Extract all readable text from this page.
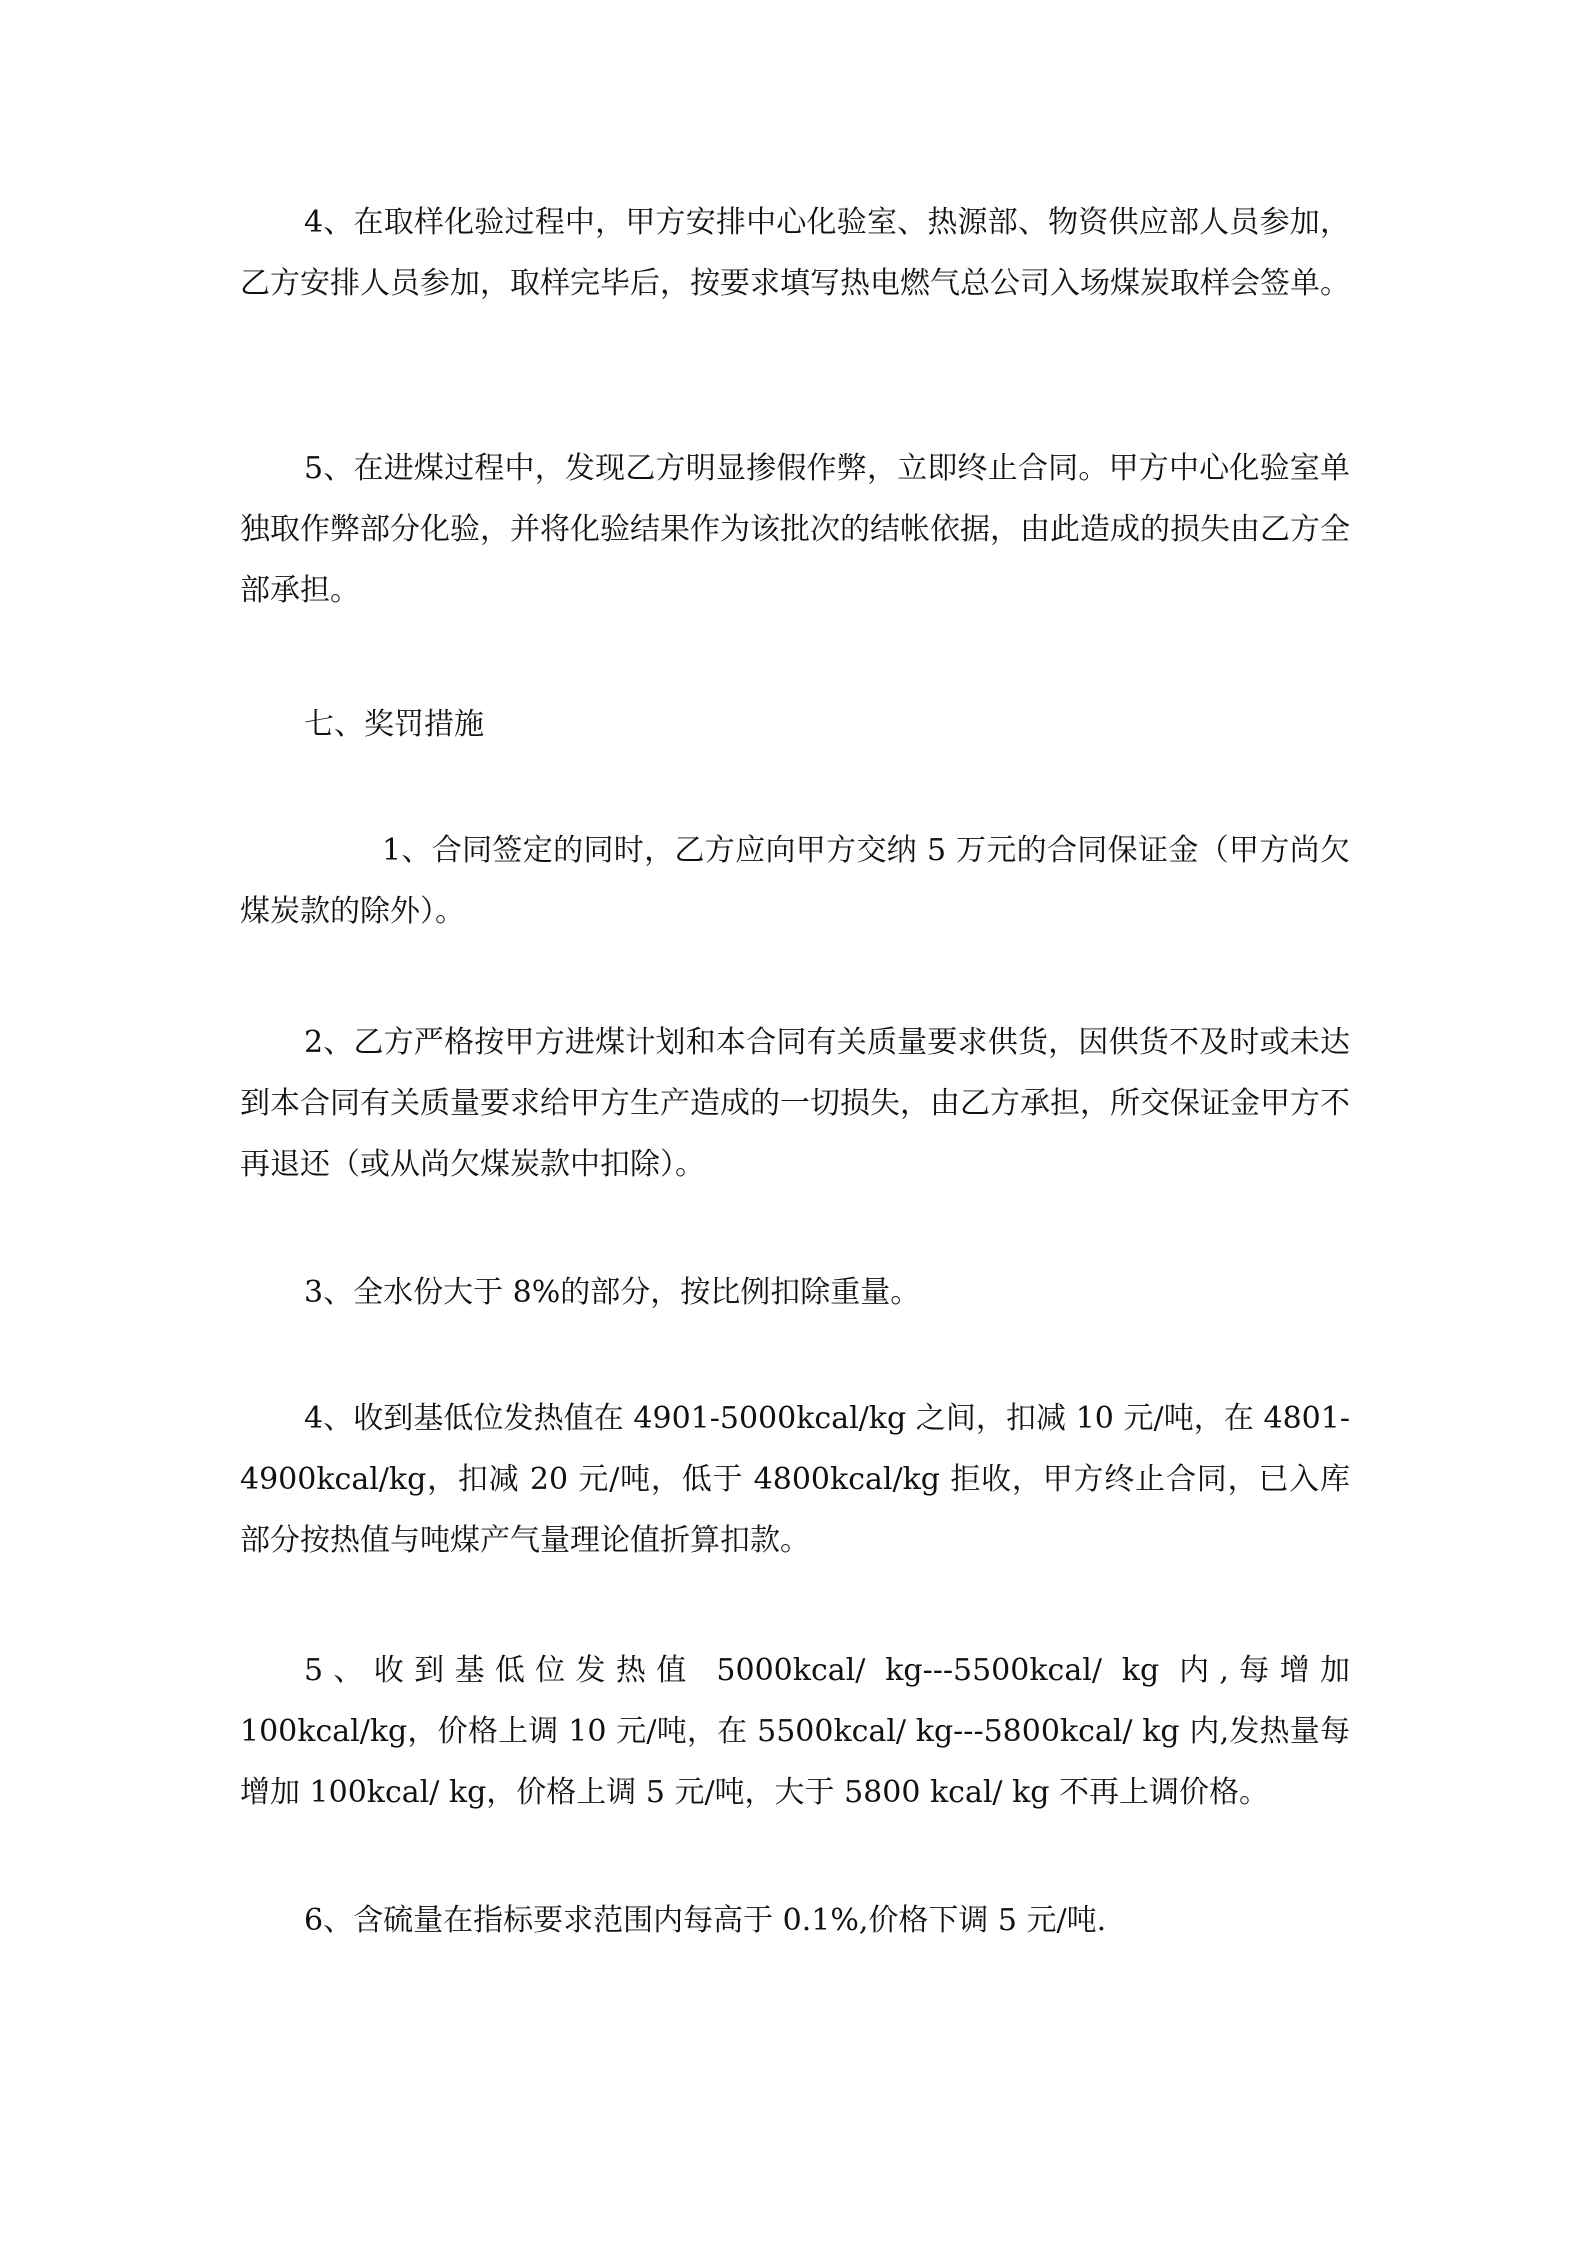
4、在取样化验过程中，甲方安排中心化验室、热源部、物资供应部人员参加，乙方安排人员参加，取样完毕后，按要求填写热电燃气总公司入场煤炭取样会签单。

5、在进煤过程中，发现乙方明显掺假作弊，立即终止合同。甲方中心化验室单独取作弊部分化验，并将化验结果作为该批次的结帐依据，由此造成的损失由乙方全部承担。

七、奖罚措施

1、合同签定的同时，乙方应向甲方交纳 5 万元的合同保证金（甲方尚欠煤炭款的除外）。

2、乙方严格按甲方进煤计划和本合同有关质量要求供货，因供货不及时或未达到本合同有关质量要求给甲方生产造成的一切损失，由乙方承担，所交保证金甲方不再退还（或从尚欠煤炭款中扣除）。

3、全水份大于 8%的部分，按比例扣除重量。

4、收到基低位发热值在 4901-5000kcal/kg 之间，扣减 10 元/吨，在 4801-4900kcal/kg，扣减 20 元/吨，低于 4800kcal/kg 拒收，甲方终止合同，已入库部分按热值与吨煤产气量理论值折算扣款。

5、收到基低位发热值 5000kcal/ kg---5500kcal/ kg 内,每增加 100kcal/kg，价格上调 10 元/吨，在 5500kcal/ kg---5800kcal/ kg 内,发热量每增加 100kcal/ kg，价格上调 5 元/吨，大于 5800 kcal/ kg 不再上调价格。

6、含硫量在指标要求范围内每高于 0.1%,价格下调 5 元/吨.
